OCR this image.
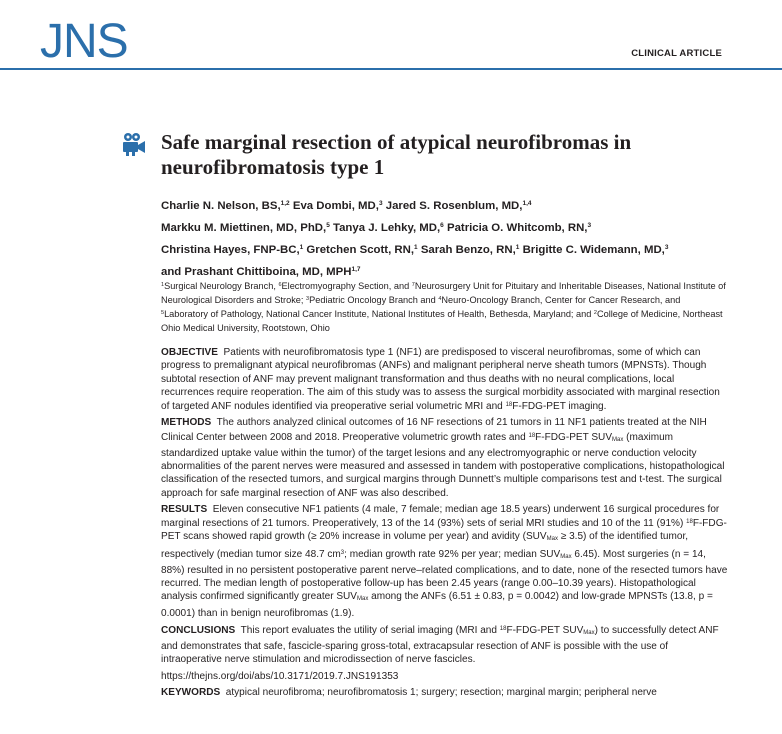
JNS	CLINICAL ARTICLE
Safe marginal resection of atypical neurofibromas in neurofibromatosis type 1
Charlie N. Nelson, BS,$^{1,2}$ Eva Dombi, MD,$^3$ Jared S. Rosenblum, MD,$^{1,4}$
Markku M. Miettinen, MD, PhD,$^5$ Tanya J. Lehky, MD,$^6$ Patricia O. Whitcomb, RN,$^3$
Christina Hayes, FNP-BC,$^1$ Gretchen Scott, RN,$^1$ Sarah Benzo, RN,$^1$ Brigitte C. Widemann, MD,$^3$
and Prashant Chittiboina, MD, MPH$^{1,7}$
$^1$Surgical Neurology Branch, $^6$Electromyography Section, and $^7$Neurosurgery Unit for Pituitary and Inheritable Diseases, National Institute of Neurological Disorders and Stroke; $^3$Pediatric Oncology Branch and $^4$Neuro-Oncology Branch, Center for Cancer Research, and $^5$Laboratory of Pathology, National Cancer Institute, National Institutes of Health, Bethesda, Maryland; and $^2$College of Medicine, Northeast Ohio Medical University, Rootstown, Ohio

OBJECTIVE Patients with neurofibromatosis type 1 (NF1) are predisposed to visceral neurofibromas, some of which can progress to premalignant atypical neurofibromas (ANFs) and malignant peripheral nerve sheath tumors (MPNSTs). Though subtotal resection of ANF may prevent malignant transformation and thus deaths with no neural complications, local recurrences require reoperation. The aim of this study was to assess the surgical morbidity associated with marginal resection of targeted ANF nodules identified via preoperative serial volumetric MRI and $^{18}$F-FDG-PET imaging.

METHODS The authors analyzed clinical outcomes of 16 NF resections of 21 tumors in 11 NF1 patients treated at the NIH Clinical Center between 2008 and 2018. Preoperative volumetric growth rates and $^{18}$F-FDG-PET $SUV_{Max}$ (maximum standardized uptake value within the tumor) of the target lesions and any electromyographic or nerve conduction velocity abnormalities of the parent nerves were measured and assessed in tandem with postoperative complications, histopathological classification of the resected tumors, and surgical margins through Dunnett’s multiple comparisons test and t-test. The surgical approach for safe marginal resection of ANF was also described.

RESULTS Eleven consecutive NF1 patients (4 male, 7 female; median age 18.5 years) underwent 16 surgical procedures for marginal resections of 21 tumors. Preoperatively, 13 of the 14 (93%) sets of serial MRI studies and 10 of the 11 (91%) $^{18}$F-FDG-PET scans showed rapid growth (≥ 20% increase in volume per year) and avidity $(SUV_{Max} \ge 3.5)$ of the identified tumor, respectively (median tumor size 48.7 $cm^3$; median growth rate 92% per year; median $SUV_{Max}$ 6.45). Most surgeries (n = 14, 88%) resulted in no persistent postoperative parent nerve–related complications, and to date, none of the resected tumors have recurred. The median length of postoperative follow-up has been 2.45 years (range 0.00–10.39 years). Histopathological analysis confirmed significantly greater $SUV_{Max}$ among the ANFs (6.51 ± 0.83, p = 0.0042) and low-grade MPNSTs (13.8, p = 0.0001) than in benign neurofibromas (1.9).

CONCLUSIONS This report evaluates the utility of serial imaging (MRI and $^{18}$F-FDG-PET $SUV_{Max}$) to successfully detect ANF and demonstrates that safe, fascicle-sparing gross-total, extracapsular resection of ANF is possible with the use of intraoperative nerve stimulation and microdissection of nerve fascicles.

https://thejns.org/doi/abs/10.3171/2019.7.JNS191353

KEYWORDS atypical neurofibroma; neurofibromatosis 1; surgery; resection; marginal margin; peripheral nerve
